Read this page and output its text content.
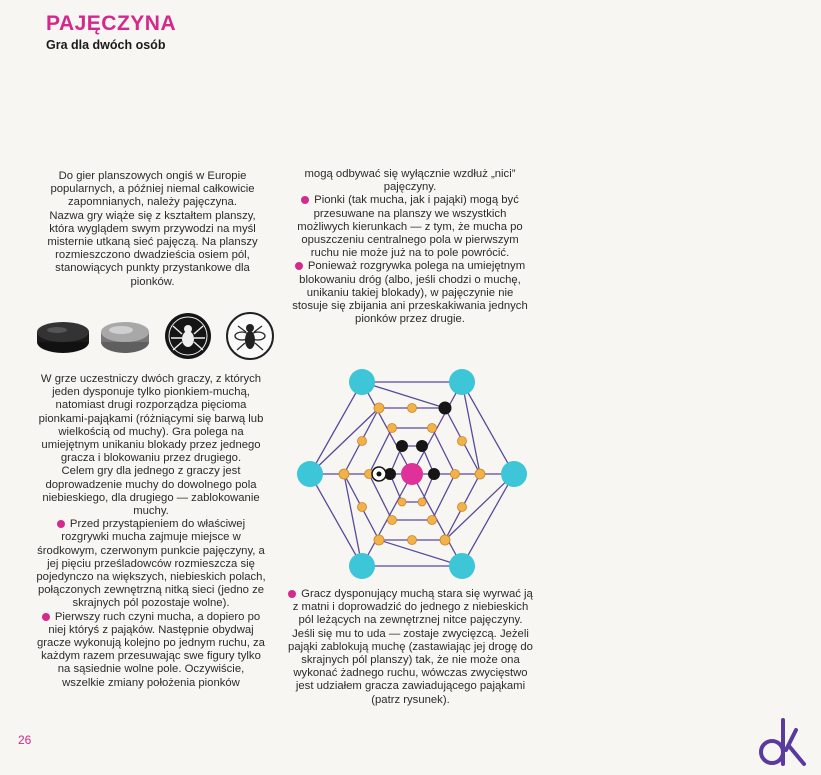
PAJĘCZYNA
Gra dla dwóch osób

Do gier planszowych ongiś w Europie popularnych, a później niemal całkowicie zapomnianych, należy pajęczyna.

Nazwa gry wiąże się z kształtem planszy, która wyglądem swym przywodzi na myśl misternie utkaną sieć pajęczą. Na planszy rozmieszczono dwadzieścia osiem pól, stanowiących punkty przystankowe dla pionków.

W grze uczestniczy dwóch graczy, z których jeden dysponuje tylko pionkiem-muchą, natomiast drugi rozporządza pięcioma pionkami-pająkami (różniącymi się barwą lub wielkością od muchy). Gra polega na umiejętnym unikaniu blokady przez jednego gracza i blokowaniu przez drugiego.

Celem gry dla jednego z graczy jest doprowadzenie muchy do dowolnego pola niebieskiego, dla drugiego — zablokowanie muchy.

Przed przystąpieniem do właściwej rozgrywki mucha zajmuje miejsce w środkowym, czerwonym punkcie pajęczyny, a jej pięciu prześladowców rozmieszcza się pojedynczo na większych, niebieskich polach, połączonych zewnętrzną nitką sieci (jedno ze skrajnych pól pozostaje wolne).

Pierwszy ruch czyni mucha, a dopiero po niej któryś z pająków. Następnie obydwaj gracze wykonują kolejno po jednym ruchu, za każdym razem przesuwając swe figury tylko na sąsiednie wolne pole. Oczywiście, wszelkie zmiany położenia pionków

mogą odbywać się wyłącznie wzdłuż „nici” pajęczyny.

Pionki (tak mucha, jak i pająki) mogą być przesuwane na planszy we wszystkich możliwych kierunkach — z tym, że mucha po opuszczeniu centralnego pola w pierwszym ruchu nie może już na to pole powrócić.

Ponieważ rozgrywka polega na umiejętnym blokowaniu dróg (albo, jeśli chodzi o muchę, unikaniu takiej blokady), w pajęczynie nie stosuje się zbijania ani przeskakiwania jednych pionków przez drugie.

Gracz dysponujący muchą stara się wyrwać ją z matni i doprowadzić do jednego z niebieskich pól leżących na zewnętrznej nitce pajęczyny. Jeśli się mu to uda — zostaje zwycięzcą. Jeżeli pająki zablokują muchę (zastawiając jej drogę do skrajnych pól planszy) tak, że nie może ona wykonać żadnego ruchu, wówczas zwycięstwo jest udziałem gracza zawiadującego pająkami (patrz rysunek).

26
